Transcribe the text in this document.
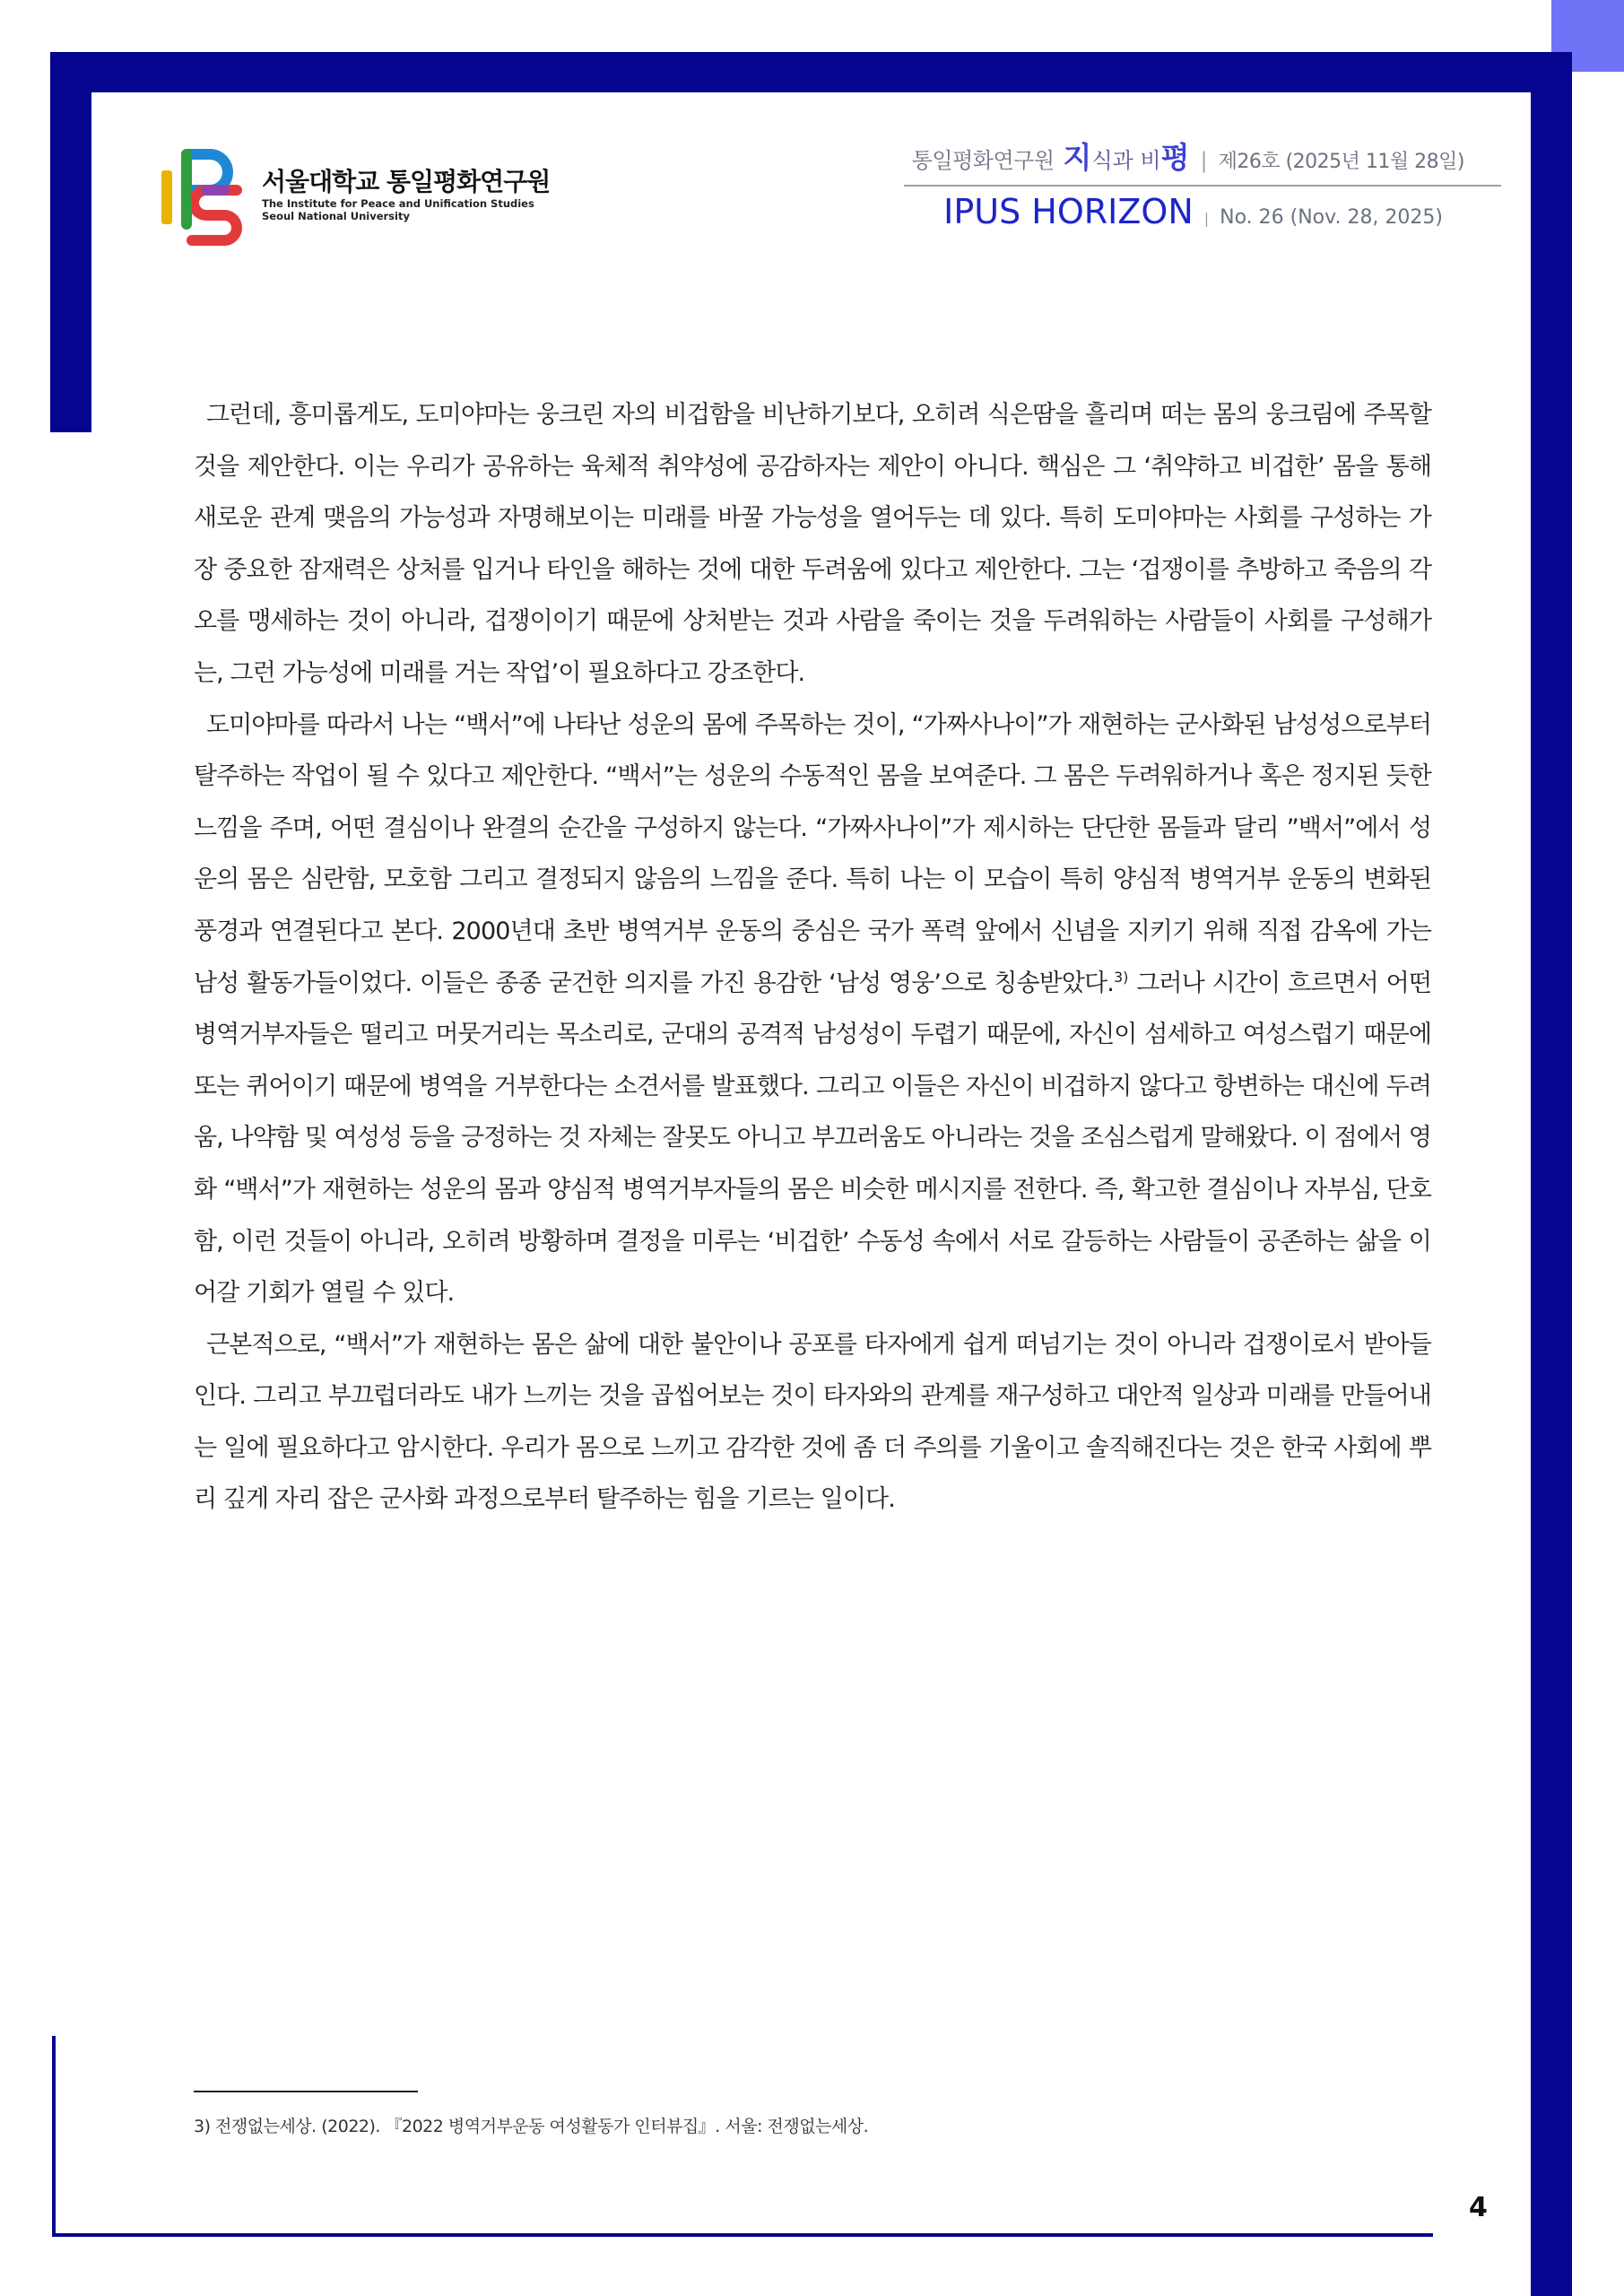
서울대학교 통일평화연구원
The Institute for Peace and Unification Studies
Seoul National University
통일평화연구원 지식과 비평 | 제26호 (2025년 11월 28일)
IPUS HORIZON | No. 26 (Nov. 28, 2025)

그런데, 흥미롭게도, 도미야마는 웅크린 자의 비겁함을 비난하기보다, 오히려 식은땀을 흘리며 떠는 몸의 웅크림에 주목할 것을 제안한다. 이는 우리가 공유하는 육체적 취약성에 공감하자는 제안이 아니다. 핵심은 그 ‘취약하고 비겁한’ 몸을 통해 새로운 관계 맺음의 가능성과 자명해보이는 미래를 바꿀 가능성을 열어두는 데 있다. 특히 도미야마는 사회를 구성하는 가장 중요한 잠재력은 상처를 입거나 타인을 해하는 것에 대한 두려움에 있다고 제안한다. 그는 ‘겁쟁이를 추방하고 죽음의 각오를 맹세하는 것이 아니라, 겁쟁이이기 때문에 상처받는 것과 사람을 죽이는 것을 두려워하는 사람들이 사회를 구성해가는, 그런 가능성에 미래를 거는 작업’이 필요하다고 강조한다.

도미야마를 따라서 나는 “백서”에 나타난 성운의 몸에 주목하는 것이, “가짜사나이”가 재현하는 군사화된 남성성으로부터 탈주하는 작업이 될 수 있다고 제안한다. “백서”는 성운의 수동적인 몸을 보여준다. 그 몸은 두려워하거나 혹은 정지된 듯한 느낌을 주며, 어떤 결심이나 완결의 순간을 구성하지 않는다. “가짜사나이”가 제시하는 단단한 몸들과 달리 ”백서”에서 성운의 몸은 심란함, 모호함 그리고 결정되지 않음의 느낌을 준다. 특히 나는 이 모습이 특히 양심적 병역거부 운동의 변화된 풍경과 연결된다고 본다. 2000년대 초반 병역거부 운동의 중심은 국가 폭력 앞에서 신념을 지키기 위해 직접 감옥에 가는 남성 활동가들이었다. 이들은 종종 굳건한 의지를 가진 용감한 ‘남성 영웅’으로 칭송받았다.$^{3)}$ 그러나 시간이 흐르면서 어떤 병역거부자들은 떨리고 머뭇거리는 목소리로, 군대의 공격적 남성성이 두렵기 때문에, 자신이 섬세하고 여성스럽기 때문에 또는 퀴어이기 때문에 병역을 거부한다는 소견서를 발표했다. 그리고 이들은 자신이 비겁하지 않다고 항변하는 대신에 두려움, 나약함 및 여성성 등을 긍정하는 것 자체는 잘못도 아니고 부끄러움도 아니라는 것을 조심스럽게 말해왔다. 이 점에서 영화 “백서”가 재현하는 성운의 몸과 양심적 병역거부자들의 몸은 비슷한 메시지를 전한다. 즉, 확고한 결심이나 자부심, 단호함, 이런 것들이 아니라, 오히려 방황하며 결정을 미루는 ‘비겁한’ 수동성 속에서 서로 갈등하는 사람들이 공존하는 삶을 이어갈 기회가 열릴 수 있다.

근본적으로, “백서”가 재현하는 몸은 삶에 대한 불안이나 공포를 타자에게 쉽게 떠넘기는 것이 아니라 겁쟁이로서 받아들인다. 그리고 부끄럽더라도 내가 느끼는 것을 곱씹어보는 것이 타자와의 관계를 재구성하고 대안적 일상과 미래를 만들어내는 일에 필요하다고 암시한다. 우리가 몸으로 느끼고 감각한 것에 좀 더 주의를 기울이고 솔직해진다는 것은 한국 사회에 뿌리 깊게 자리 잡은 군사화 과정으로부터 탈주하는 힘을 기르는 일이다.

3) 전쟁없는세상. (2022). 『2022 병역거부운동 여성활동가 인터뷰집』. 서울: 전쟁없는세상.
4
